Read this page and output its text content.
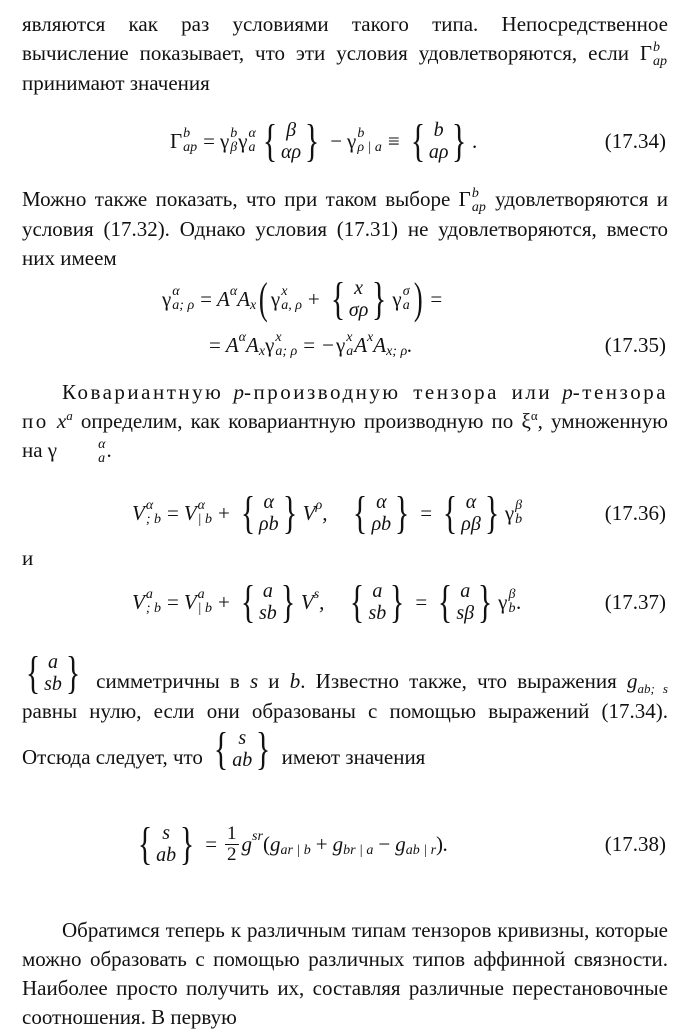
являются как раз условиями такого типа. Непосредственное вычисление показывает, что эти условия удовлетворяются, если Γ b
ap
принимают значения

Γ b
ap = γ b
β γ α
a { β
αρ } − γ b
ρ | a ≡ { b
aρ } .	(17.34)

Можно также показать, что при таком выборе Γ b
ap удовлетворяются и условия (17.32). Однако условия (17.31) не удовлетворяются, вместо них имеем

γ α
a; ρ = A α A x ( γ x
a, ρ + { x
σρ } γ σ
a ) =
= A α A x γ x
a; ρ = − γ x
a A x A x; ρ .	(17.35)

Ковариантную p-производную тензора или p-тензора по $x^a$ определим, как ковариантную производную по $\xi^\alpha$, умноженную на γ	α
a .

V α
; b = V α
| b + { α
ρb } V ρ , { α
ρb } = { α
ρβ } γ β
b	(17.36)

и

V a
; b = V a
| b + { a
sb } V s , { a
sb } = { a
sβ } γ β
b .	(17.37)

{ a
sb } симметричны в s и b. Известно также, что выражения $g_{ab; s}$ равны нулю, если они образованы с помощью выражений (17.34). Отсюда следует, что { s
ab } имеют значения

{ s
ab } = $\frac{1}{2}$ g sr ( g ar | b + g br | a − g ab | r ) .	(17.38)

Обратимся теперь к различным типам тензоров кривизны, которые можно образовать с помощью различных типов аффинной связности. Наиболее просто получить их, составляя различные перестановочные соотношения. В первую
